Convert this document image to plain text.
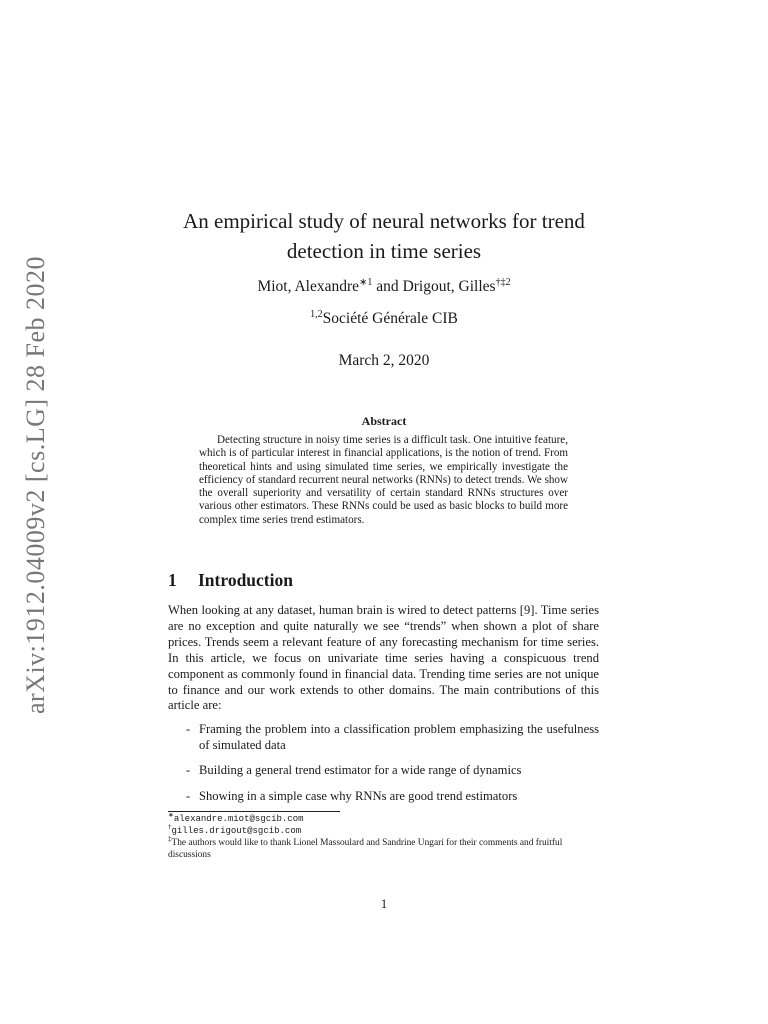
arXiv:1912.04009v2 [cs.LG] 28 Feb 2020
An empirical study of neural networks for trend detection in time series
Miot, Alexandre$^{∗1}$ and Drigout, Gilles$^{\dagger\ddagger 2}$
$^{1,2}$Société Générale CIB
March 2, 2020
Abstract
Detecting structure in noisy time series is a difficult task. One intuitive feature, which is of particular interest in financial applications, is the notion of trend. From theoretical hints and using simulated time series, we empirically investigate the efficiency of standard recurrent neural networks (RNNs) to detect trends. We show the overall superiority and versatility of certain standard RNNs structures over various other estimators. These RNNs could be used as basic blocks to build more complex time series trend estimators.
1 Introduction
When looking at any dataset, human brain is wired to detect patterns [9]. Time series are no exception and quite naturally we see “trends” when shown a plot of share prices. Trends seem a relevant feature of any forecasting mechanism for time series. In this article, we focus on univariate time series having a conspicuous trend component as commonly found in financial data. Trending time series are not unique to finance and our work extends to other domains. The main contributions of this article are:
- Framing the problem into a classification problem emphasizing the usefulness of simulated data
- Building a general trend estimator for a wide range of dynamics
- Showing in a simple case why RNNs are good trend estimators
∗alexandre.miot@sgcib.com
†gilles.drigout@sgcib.com
‡The authors would like to thank Lionel Massoulard and Sandrine Ungari for their comments and fruitful discussions
1
